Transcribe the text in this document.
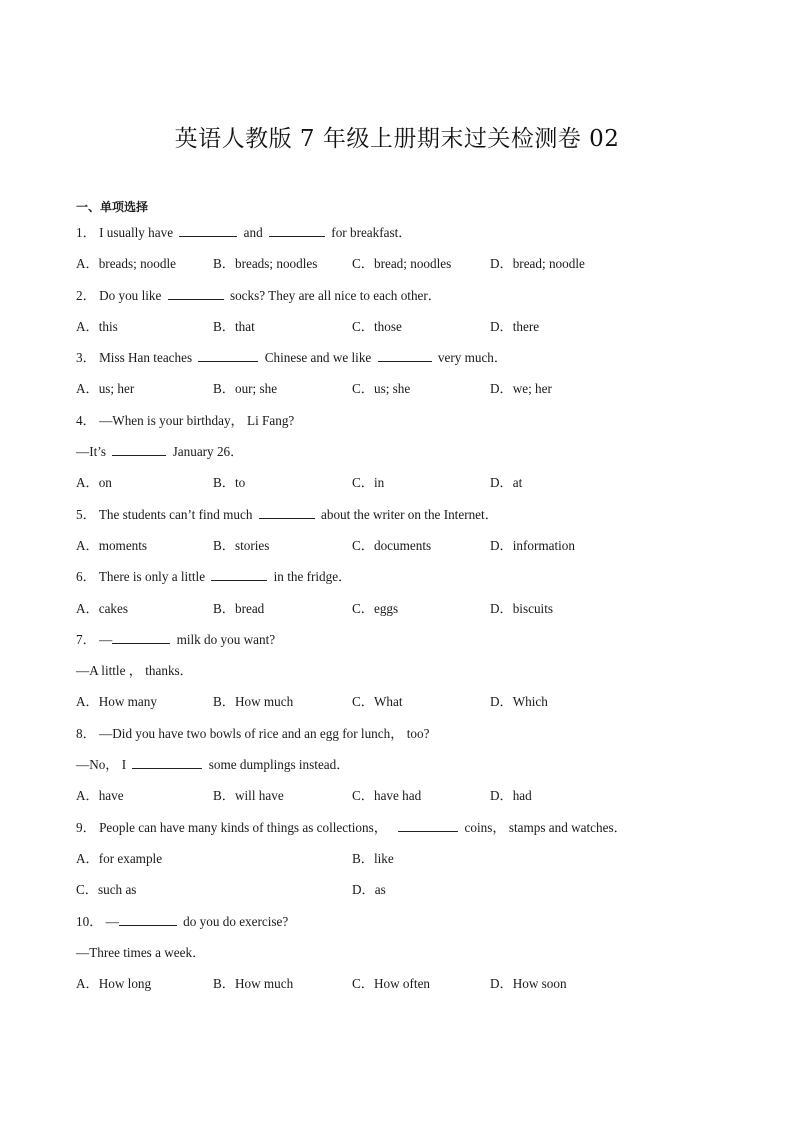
英语人教版 7 年级上册期末过关检测卷 02
一、单项选择
1． I usually have	and	for breakfast．
A．breads; noodle	B．breads; noodles	C．bread; noodles	D．bread; noodle
2． Do you like	socks? They are all nice to each other．
A．this	B．that	C．those	D．there
3． Miss Han teaches	Chinese and we like	very much．
A．us; her	B．our; she	C．us; she	D．we; her
4． —When is your birthday， Li Fang?
—It’s	January 26．
A．on	B．to	C．in	D．at
5． The students can’t find much	about the writer on the Internet．
A．moments	B．stories	C．documents	D．information
6． There is only a little	in the fridge．
A．cakes	B．bread	C．eggs	D．biscuits
7． —	milk do you want?
—A little ， thanks．
A．How many	B．How much	C．What	D．Which
8． —Did you have two bowls of rice and an egg for lunch， too?
—No， I	some dumplings instead．
A．have	B．will have	C．have had	D．had
9． People can have many kinds of things as collections，	coins， stamps and watches．
A．for example	B．like
C．such as	D．as
10． —	do you do exercise?
—Three times a week．
A．How long	B．How much	C．How often	D．How soon
